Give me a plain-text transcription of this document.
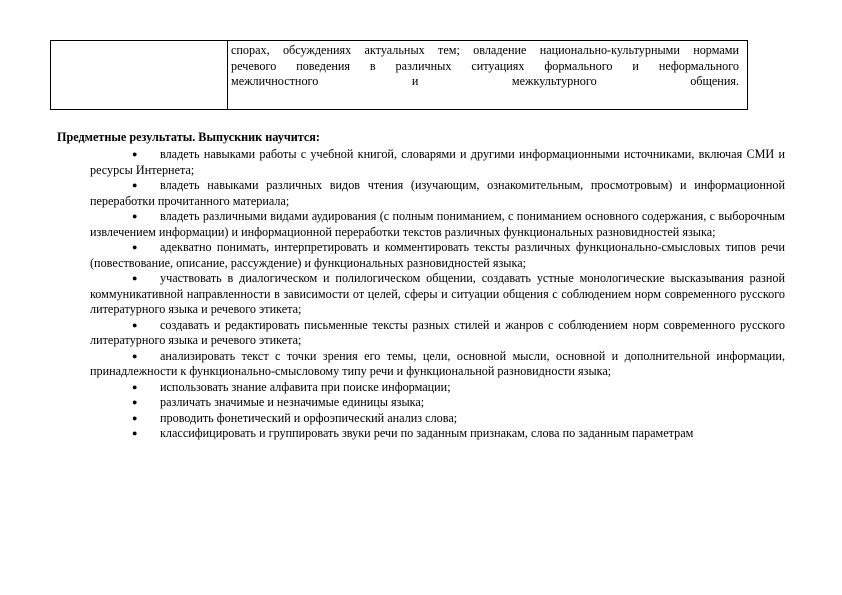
спорах, обсуждениях актуальных тем; овладение национально-культурными нормами
речевого поведения в различных ситуациях формального и неформального
межличностного и межкультурного общения.
Предметные результаты. Выпускник научится:
● владеть навыками работы с учебной книгой, словарями и другими информационными источниками, включая СМИ и ресурсы Интернета;
● владеть навыками различных видов чтения (изучающим, ознакомительным, просмотровым) и информационной переработки прочитанного материала;
● владеть различными видами аудирования (с полным пониманием, с пониманием основного содержания, с выборочным извлечением информации) и информационной переработки текстов различных функциональных разновидностей языка;
● адекватно понимать, интерпретировать и комментировать тексты различных функционально-смысловых типов речи (повествование, описание, рассуждение) и функциональных разновидностей языка;
● участвовать в диалогическом и полилогическом общении, создавать устные монологические высказывания разной коммуникативной направленности в зависимости от целей, сферы и ситуации общения с соблюдением норм современного русского литературного языка и речевого этикета;
● создавать и редактировать письменные тексты разных стилей и жанров с соблюдением норм современного русского литературного языка и речевого этикета;
● анализировать текст с точки зрения его темы, цели, основной мысли, основной и дополнительной информации, принадлежности к функционально-смысловому типу речи и функциональной разновидности языка;
● использовать знание алфавита при поиске информации;
● различать значимые и незначимые единицы языка;
● проводить фонетический и орфоэпический анализ слова;
● классифицировать и группировать звуки речи по заданным признакам, слова по заданным параметрам
